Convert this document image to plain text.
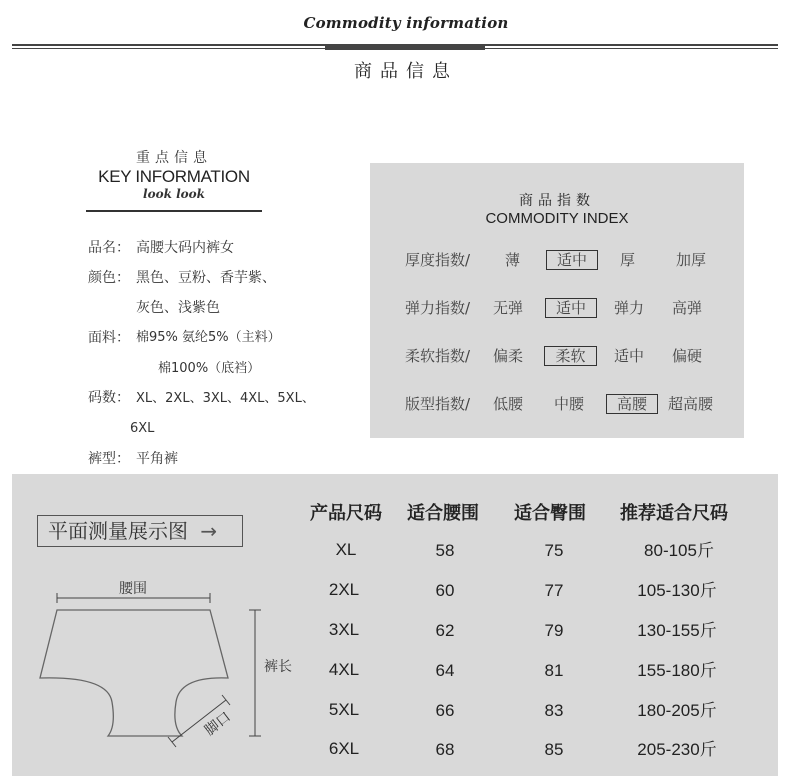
Commodity information
商品信息
重点信息
KEY INFORMATION
look look
品名： 高腰大码内裤女
颜色： 黑色、豆粉、香芋紫、
灰色、浅紫色
面料： 棉95% 氨纶5%（主料）
棉100%（底裆）
码数： XL、2XL、3XL、4XL、5XL、
6XL
裤型： 平角裤
商品指数
COMMODITY INDEX
厚度指数/ 薄	适中	厚	加厚
弹力指数/ 无弹	适中	弹力 高弹
柔软指数/ 偏柔	柔软	适中 偏硬
版型指数/ 低腰 中腰	高腰	超高腰
平面测量展示图 →
腰围
裤长
脚口
产品尺码 适合腰围 适合臀围 推荐适合尺码
XL	58	75	80-105斤
2XL	60	77	105-130斤
3XL	62	79	130-155斤
4XL	64	81	155-180斤
5XL	66	83	180-205斤
6XL	68	85	205-230斤
